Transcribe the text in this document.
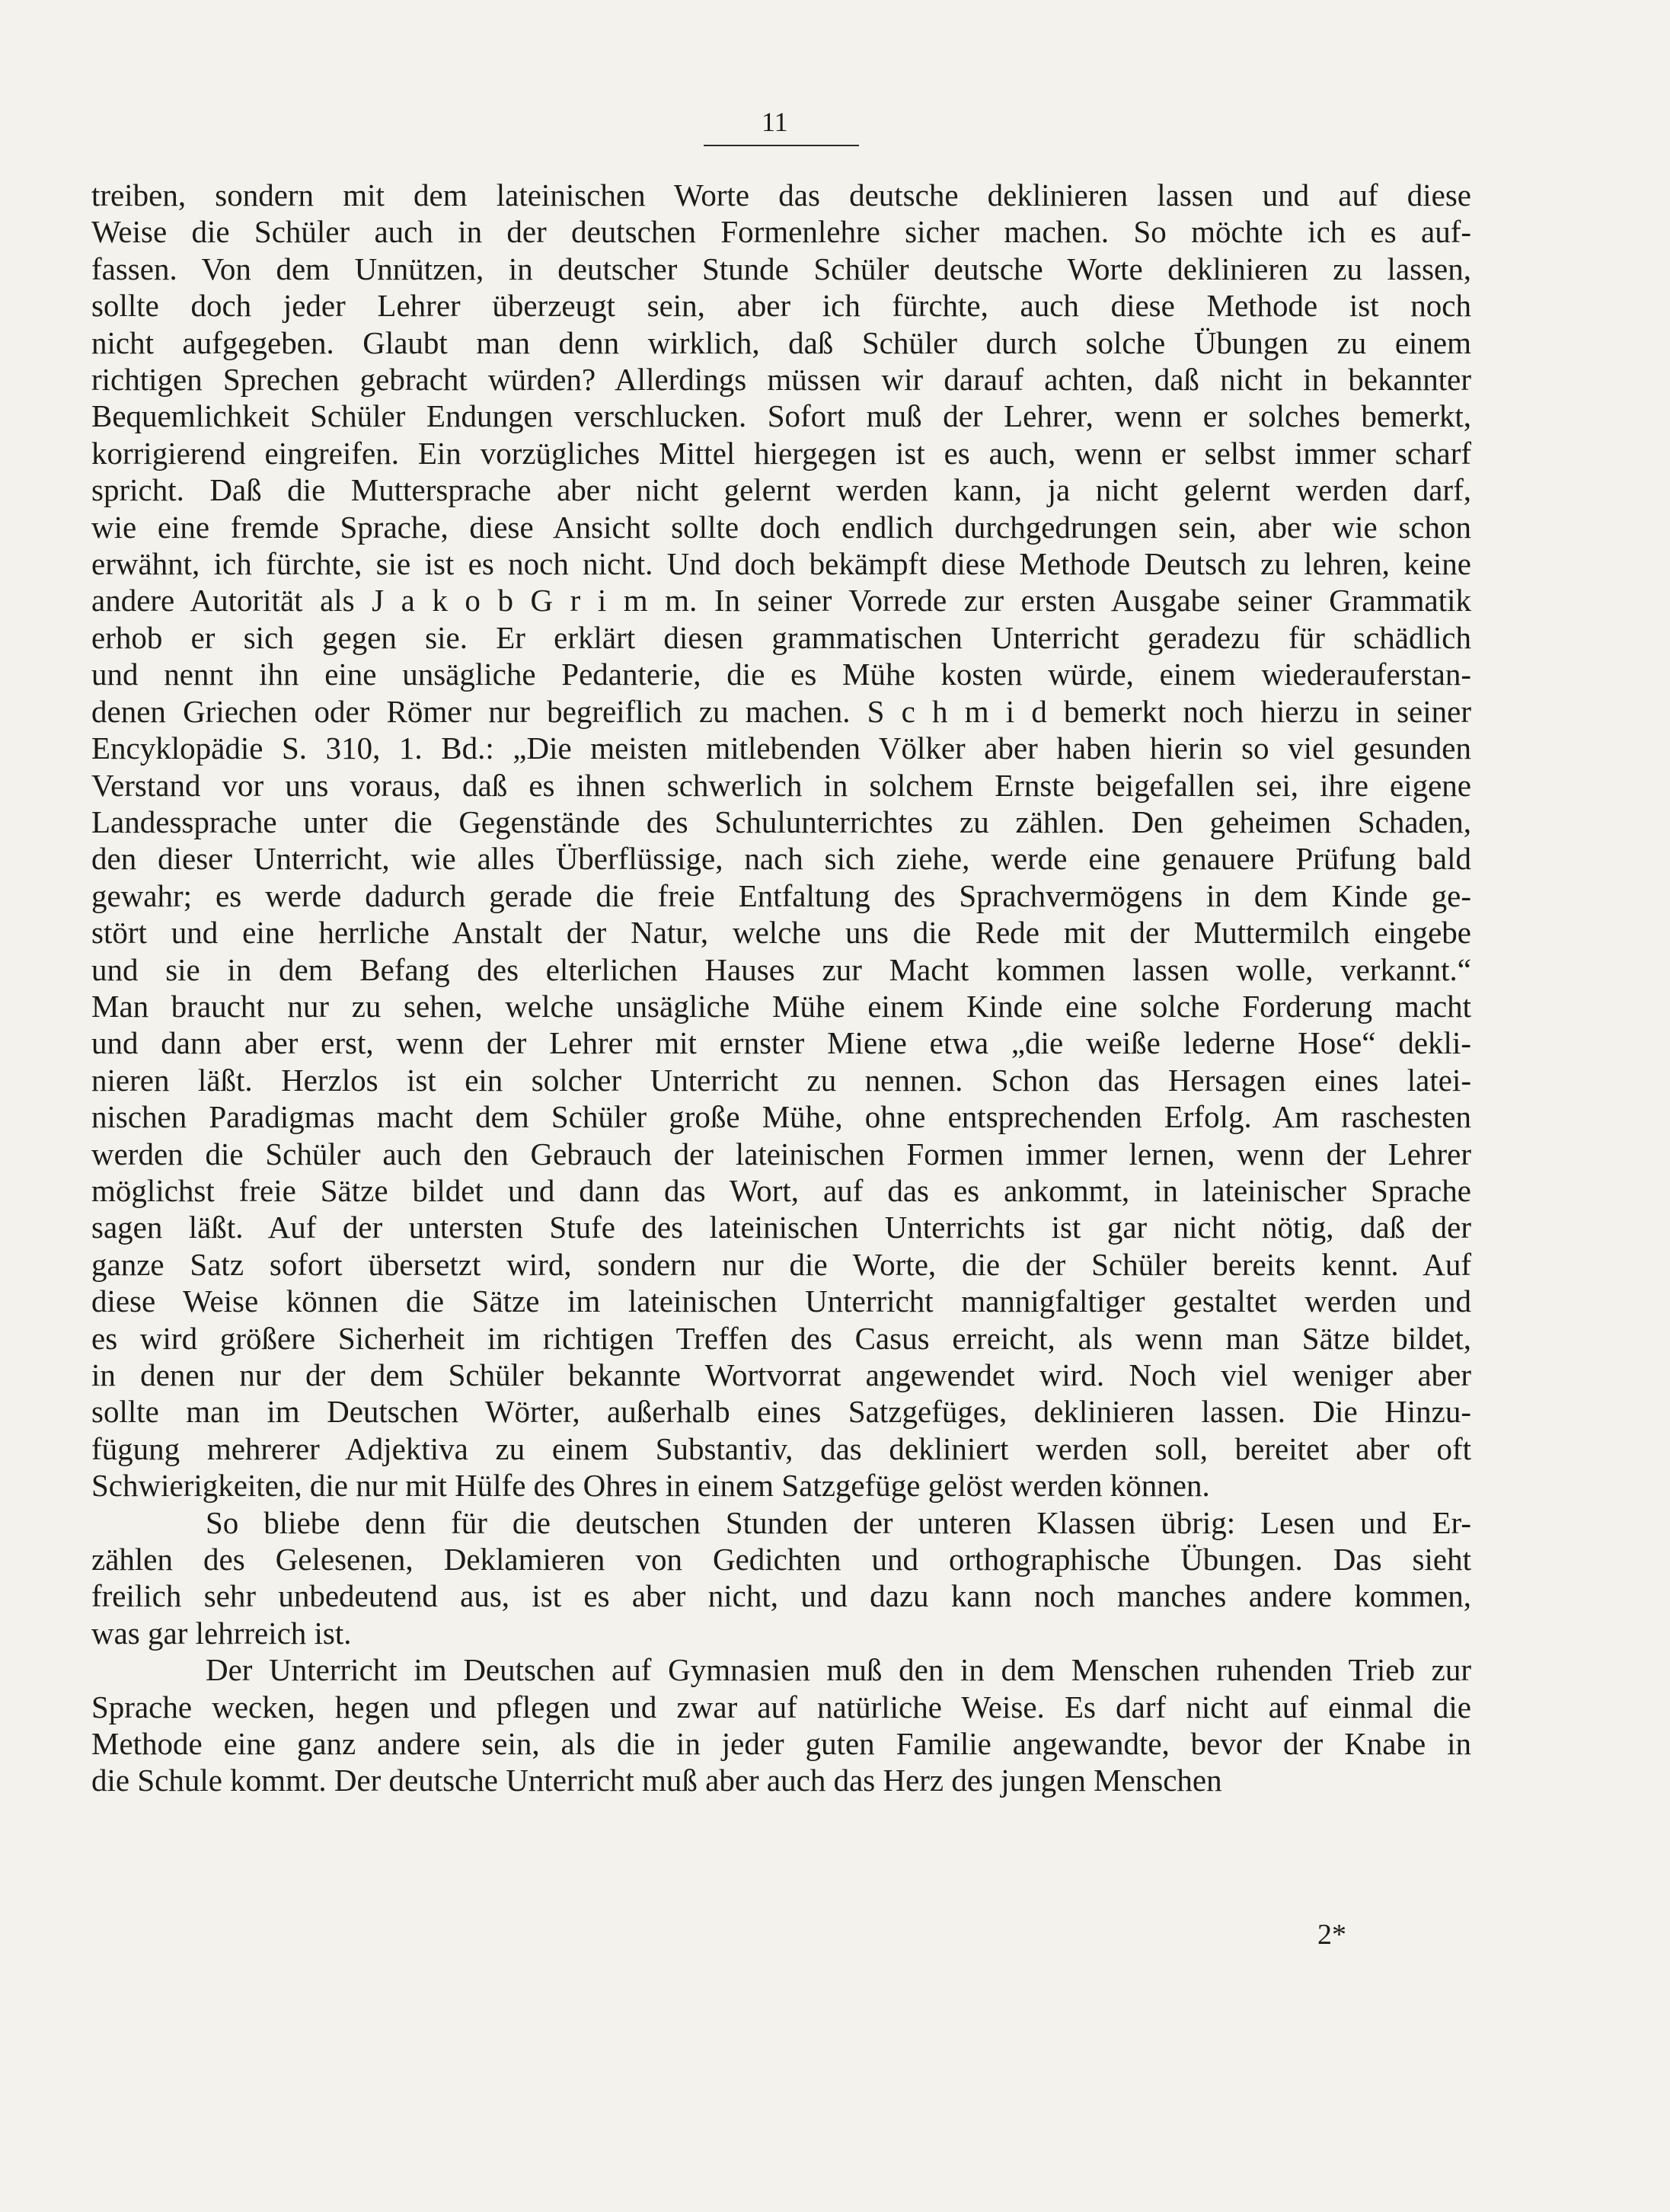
11
treiben, sondern mit dem lateinischen Worte das deutsche deklinieren lassen und auf diese
Weise die Schüler auch in der deutschen Formenlehre sicher machen. So möchte ich es auf-
fassen. Von dem Unnützen, in deutscher Stunde Schüler deutsche Worte deklinieren zu lassen,
sollte doch jeder Lehrer überzeugt sein, aber ich fürchte, auch diese Methode ist noch
nicht aufgegeben. Glaubt man denn wirklich, daß Schüler durch solche Übungen zu einem
richtigen Sprechen gebracht würden? Allerdings müssen wir darauf achten, daß nicht in bekannter
Bequemlichkeit Schüler Endungen verschlucken. Sofort muß der Lehrer, wenn er solches bemerkt,
korrigierend eingreifen. Ein vorzügliches Mittel hiergegen ist es auch, wenn er selbst immer scharf
spricht. Daß die Muttersprache aber nicht gelernt werden kann, ja nicht gelernt werden darf,
wie eine fremde Sprache, diese Ansicht sollte doch endlich durchgedrungen sein, aber wie schon
erwähnt, ich fürchte, sie ist es noch nicht. Und doch bekämpft diese Methode Deutsch zu lehren, keine
andere Autorität als J a k o b G r i m m. In seiner Vorrede zur ersten Ausgabe seiner Grammatik
erhob er sich gegen sie. Er erklärt diesen grammatischen Unterricht geradezu für schädlich
und nennt ihn eine unsägliche Pedanterie, die es Mühe kosten würde, einem wiederauferstan-
denen Griechen oder Römer nur begreiflich zu machen. S c h m i d bemerkt noch hierzu in seiner
Encyklopädie S. 310, 1. Bd.: „Die meisten mitlebenden Völker aber haben hierin so viel gesunden
Verstand vor uns voraus, daß es ihnen schwerlich in solchem Ernste beigefallen sei, ihre eigene
Landessprache unter die Gegenstände des Schulunterrichtes zu zählen. Den geheimen Schaden,
den dieser Unterricht, wie alles Überflüssige, nach sich ziehe, werde eine genauere Prüfung bald
gewahr; es werde dadurch gerade die freie Entfaltung des Sprachvermögens in dem Kinde ge-
stört und eine herrliche Anstalt der Natur, welche uns die Rede mit der Muttermilch eingebe
und sie in dem Befang des elterlichen Hauses zur Macht kommen lassen wolle, verkannt.“
Man braucht nur zu sehen, welche unsägliche Mühe einem Kinde eine solche Forderung macht
und dann aber erst, wenn der Lehrer mit ernster Miene etwa „die weiße lederne Hose“ dekli-
nieren läßt. Herzlos ist ein solcher Unterricht zu nennen. Schon das Hersagen eines latei-
nischen Paradigmas macht dem Schüler große Mühe, ohne entsprechenden Erfolg. Am raschesten
werden die Schüler auch den Gebrauch der lateinischen Formen immer lernen, wenn der Lehrer
möglichst freie Sätze bildet und dann das Wort, auf das es ankommt, in lateinischer Sprache
sagen läßt. Auf der untersten Stufe des lateinischen Unterrichts ist gar nicht nötig, daß der
ganze Satz sofort übersetzt wird, sondern nur die Worte, die der Schüler bereits kennt. Auf
diese Weise können die Sätze im lateinischen Unterricht mannigfaltiger gestaltet werden und
es wird größere Sicherheit im richtigen Treffen des Casus erreicht, als wenn man Sätze bildet,
in denen nur der dem Schüler bekannte Wortvorrat angewendet wird. Noch viel weniger aber
sollte man im Deutschen Wörter, außerhalb eines Satzgefüges, deklinieren lassen. Die Hinzu-
fügung mehrerer Adjektiva zu einem Substantiv, das dekliniert werden soll, bereitet aber oft
Schwierigkeiten, die nur mit Hülfe des Ohres in einem Satzgefüge gelöst werden können.
So bliebe denn für die deutschen Stunden der unteren Klassen übrig: Lesen und Er-
zählen des Gelesenen, Deklamieren von Gedichten und orthographische Übungen. Das sieht
freilich sehr unbedeutend aus, ist es aber nicht, und dazu kann noch manches andere kommen,
was gar lehrreich ist.
Der Unterricht im Deutschen auf Gymnasien muß den in dem Menschen ruhenden Trieb zur
Sprache wecken, hegen und pflegen und zwar auf natürliche Weise. Es darf nicht auf einmal die
Methode eine ganz andere sein, als die in jeder guten Familie angewandte, bevor der Knabe in
die Schule kommt. Der deutsche Unterricht muß aber auch das Herz des jungen Menschen
2*
